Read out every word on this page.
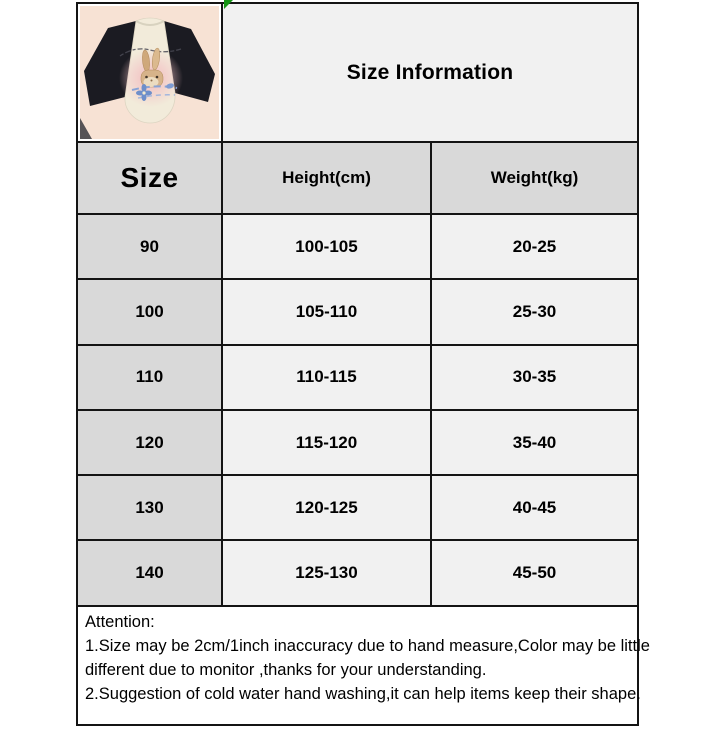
Size Information
Size	Height(cm)	Weight(kg)
90	100-105	20-25
100	105-110	25-30
110	110-115	30-35
120	115-120	35-40
130	120-125	40-45
140	125-130	45-50
Attention:
1.Size may be 2cm/1inch inaccuracy due to hand measure,Color may be little
different due to monitor ,thanks for your understanding.
2.Suggestion of cold water hand washing,it can help items keep their shape.
